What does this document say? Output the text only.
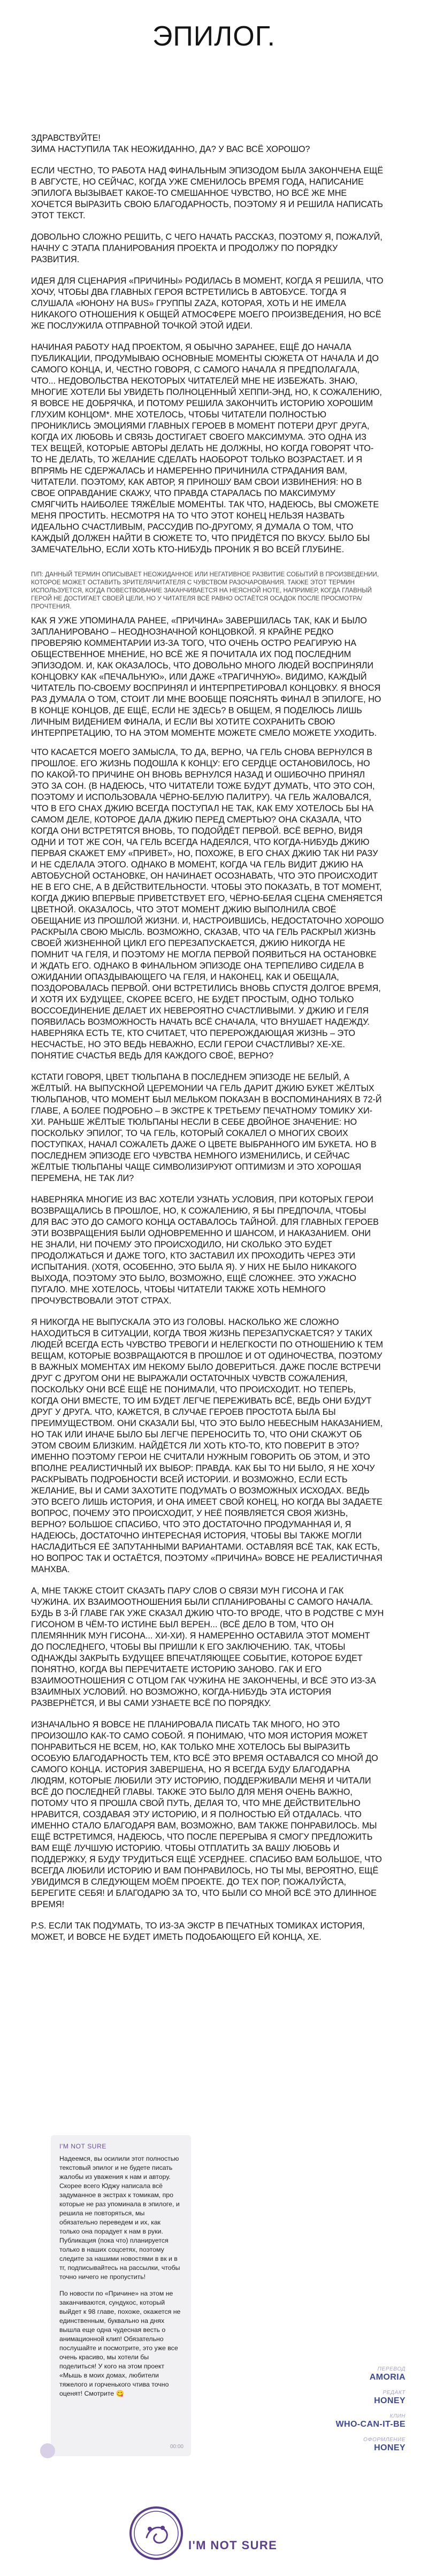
ЭПИЛОГ.

ЗДРАВСТВУЙТЕ!
ЗИМА НАСТУПИЛА ТАК НЕОЖИДАННО, ДА? У ВАС ВСЁ ХОРОШО?

ЕСЛИ ЧЕСТНО, ТО РАБОТА НАД ФИНАЛЬНЫМ ЭПИЗОДОМ БЫЛА ЗАКОНЧЕНА ЕЩЁ В АВГУСТЕ, НО СЕЙЧАС, КОГДА УЖЕ СМЕНИЛОСЬ ВРЕМЯ ГОДА, НАПИСАНИЕ ЭПИЛОГА ВЫЗЫВАЕТ КАКОЕ-ТО СМЕШАННОЕ ЧУВСТВО, НО ВСЁ ЖЕ МНЕ ХОЧЕТСЯ ВЫРАЗИТЬ СВОЮ БЛАГОДАРНОСТЬ, ПОЭТОМУ Я И РЕШИЛА НАПИСАТЬ ЭТОТ ТЕКСТ.

ДОВОЛЬНО СЛОЖНО РЕШИТЬ, С ЧЕГО НАЧАТЬ РАССКАЗ, ПОЭТОМУ Я, ПОЖАЛУЙ, НАЧНУ С ЭТАПА ПЛАНИРОВАНИЯ ПРОЕКТА И ПРОДОЛЖУ ПО ПОРЯДКУ РАЗВИТИЯ.

ИДЕЯ ДЛЯ СЦЕНАРИЯ «ПРИЧИНЫ» РОДИЛАСЬ В МОМЕНТ, КОГДА Я РЕШИЛА, ЧТО ХОЧУ, ЧТОБЫ ДВА ГЛАВНЫХ ГЕРОЯ ВСТРЕТИЛИСЬ В АВТОБУСЕ. ТОГДА Я СЛУШАЛА «ЮНОНУ НА BUS» ГРУППЫ ZAZA, КОТОРАЯ, ХОТЬ И НЕ ИМЕЛА НИКАКОГО ОТНОШЕНИЯ К ОБЩЕЙ АТМОСФЕРЕ МОЕГО ПРОИЗВЕДЕНИЯ, НО ВСЁ ЖЕ ПОСЛУЖИЛА ОТПРАВНОЙ ТОЧКОЙ ЭТОЙ ИДЕИ.

НАЧИНАЯ РАБОТУ НАД ПРОЕКТОМ, Я ОБЫЧНО ЗАРАНЕЕ, ЕЩЁ ДО НАЧАЛА ПУБЛИКАЦИИ, ПРОДУМЫВАЮ ОСНОВНЫЕ МОМЕНТЫ СЮЖЕТА ОТ НАЧАЛА И ДО САМОГО КОНЦА, И, ЧЕСТНО ГОВОРЯ, С САМОГО НАЧАЛА Я ПРЕДПОЛАГАЛА, ЧТО... НЕДОВОЛЬСТВА НЕКОТОРЫХ ЧИТАТЕЛЕЙ МНЕ НЕ ИЗБЕЖАТЬ. ЗНАЮ, МНОГИЕ ХОТЕЛИ БЫ УВИДЕТЬ ПОЛНОЦЕННЫЙ ХЕППИ-ЭНД, НО, К СОЖАЛЕНИЮ, Я ВОВСЕ НЕ ДОБРЯЧКА, И ПОТОМУ РЕШИЛА ЗАКОНЧИТЬ ИСТОРИЮ ХОРОШИМ ГЛУХИМ КОНЦОМ*. МНЕ ХОТЕЛОСЬ, ЧТОБЫ ЧИТАТЕЛИ ПОЛНОСТЬЮ ПРОНИКЛИСЬ ЭМОЦИЯМИ ГЛАВНЫХ ГЕРОЕВ В МОМЕНТ ПОТЕРИ ДРУГ ДРУГА, КОГДА ИХ ЛЮБОВЬ И СВЯЗЬ ДОСТИГАЕТ СВОЕГО МАКСИМУМА. ЭТО ОДНА ИЗ ТЕХ ВЕЩЕЙ, КОТОРЫЕ АВТОРЫ ДЕЛАТЬ НЕ ДОЛЖНЫ, НО КОГДА ГОВОРЯТ ЧТО-ТО НЕ ДЕЛАТЬ, ТО ЖЕЛАНИЕ СДЕЛАТЬ НАОБОРОТ ТОЛЬКО ВОЗРАСТАЕТ. И Я ВПРЯМЬ НЕ СДЕРЖАЛАСЬ И НАМЕРЕННО ПРИЧИНИЛА СТРАДАНИЯ ВАМ, ЧИТАТЕЛИ. ПОЭТОМУ, КАК АВТОР, Я ПРИНОШУ ВАМ СВОИ ИЗВИНЕНИЯ: НО В СВОЕ ОПРАВДАНИЕ СКАЖУ, ЧТО ПРАВДА СТАРАЛАСЬ ПО МАКСИМУМУ СМЯГЧИТЬ НАИБОЛЕЕ ТЯЖЁЛЫЕ МОМЕНТЫ. ТАК ЧТО, НАДЕЮСЬ, ВЫ СМОЖЕТЕ МЕНЯ ПРОСТИТЬ. НЕСМОТРЯ НА ТО ЧТО ЭТОТ КОНЕЦ НЕЛЬЗЯ НАЗВАТЬ ИДЕАЛЬНО СЧАСТЛИВЫМ, РАССУДИВ ПО-ДРУГОМУ, Я ДУМАЛА О ТОМ, ЧТО КАЖДЫЙ ДОЛЖЕН НАЙТИ В СЮЖЕТЕ ТО, ЧТО ПРИДЁТСЯ ПО ВКУСУ. БЫЛО БЫ ЗАМЕЧАТЕЛЬНО, ЕСЛИ ХОТЬ КТО-НИБУДЬ ПРОНИК Я ВО ВСЕЙ ГЛУБИНЕ.

П/П: ДАННЫЙ ТЕРМИН ОПИСЫВАЕТ НЕОЖИДАННОЕ ИЛИ НЕГАТИВНОЕ РАЗВИТИЕ СОБЫТИЙ В ПРОИЗВЕДЕНИИ, КОТОРОЕ МОЖЕТ ОСТАВИТЬ ЗРИТЕЛЯ/ЧИТАТЕЛЯ С ЧУВСТВОМ РАЗОЧАРОВАНИЯ. ТАКЖЕ ЭТОТ ТЕРМИН ИСПОЛЬЗУЕТСЯ, КОГДА ПОВЕСТВОВАНИЕ ЗАКАНЧИВАЕТСЯ НА НЕЯСНОЙ НОТЕ, НАПРИМЕР, КОГДА ГЛАВНЫЙ ГЕРОЙ НЕ ДОСТИГАЕТ СВОЕЙ ЦЕЛИ, НО У ЧИТАТЕЛЯ ВСЁ РАВНО ОСТАЁТСЯ ОСАДОК ПОСЛЕ ПРОСМОТРА/ПРОЧТЕНИЯ.

КАК Я УЖЕ УПОМИНАЛА РАНЕЕ, «ПРИЧИНА» ЗАВЕРШИЛАСЬ ТАК, КАК И БЫЛО ЗАПЛАНИРОВАНО – НЕОДНОЗНАЧНОЙ КОНЦОВКОЙ. Я КРАЙНЕ РЕДКО ПРОВЕРЯЮ КОММЕНТАРИИ ИЗ-ЗА ТОГО, ЧТО ОЧЕНЬ ОСТРО РЕАГИРУЮ НА ОБЩЕСТВЕННОЕ МНЕНИЕ, НО ВСЁ ЖЕ Я ПОЧИТАЛА ИХ ПОД ПОСЛЕДНИМ ЭПИЗОДОМ. И, КАК ОКАЗАЛОСЬ, ЧТО ДОВОЛЬНО МНОГО ЛЮДЕЙ ВОСПРИНЯЛИ КОНЦОВКУ КАК «ПЕЧАЛЬНУЮ», ИЛИ ДАЖЕ «ТРАГИЧНУЮ». ВИДИМО, КАЖДЫЙ ЧИТАТЕЛЬ ПО-СВОЕМУ ВОСПРИНЯЛ И ИНТЕРПРЕТИРОВАЛ КОНЦОВКУ. Я ВНОСЯ РАЗ ДУМАЛА О ТОМ, СТОИТ ЛИ МНЕ ВООБЩЕ ПОЯСНЯТЬ ФИНАЛ В ЭПИЛОГЕ, НО В КОНЦЕ КОНЦОВ, ДЕ ЕЩЁ, ЕСЛИ НЕ ЗДЕСЬ? В ОБЩЕМ, Я ПОДЕЛЮСЬ ЛИШЬ ЛИЧНЫМ ВИДЕНИЕМ ФИНАЛА, И ЕСЛИ ВЫ ХОТИТЕ СОХРАНИТЬ СВОЮ ИНТЕРПРЕТАЦИЮ, ТО НА ЭТОМ МОМЕНТЕ МОЖЕТЕ СМЕЛО МОЖЕТЕ УХОДИТЬ.

ЧТО КАСАЕТСЯ МОЕГО ЗАМЫСЛА, ТО ДА, ВЕРНО, ЧА ГЕЛЬ СНОВА ВЕРНУЛСЯ В ПРОШЛОЕ. ЕГО ЖИЗНЬ ПОДОШЛА К КОНЦУ: ЕГО СЕРДЦЕ ОСТАНОВИЛОСЬ, НО ПО КАКОЙ-ТО ПРИЧИНЕ ОН ВНОВЬ ВЕРНУЛСЯ НАЗАД И ОШИБОЧНО ПРИНЯЛ ЭТО ЗА СОН. (В НАДЕЮСЬ, ЧТО ЧИТАТЕЛИ ТОЖЕ БУДУТ ДУМАТЬ, ЧТО ЭТО СОН, ПОЭТОМУ И ИСПОЛЬЗОВАЛА ЧЁРНО-БЕЛУЮ ПАЛИТРУ). ЧА ГЕЛЬ ЖАЛОВАЛСЯ, ЧТО В ЕГО СНАХ ДЖИЮ ВСЕГДА ПОСТУПАЛ НЕ ТАК, КАК ЕМУ ХОТЕЛОСЬ БЫ НА САМОМ ДЕЛЕ, КОТОРОЕ ДАЛА ДЖИЮ ПЕРЕД СМЕРТЬЮ? ОНА СКАЗАЛА, ЧТО КОГДА ОНИ ВСТРЕТЯТСЯ ВНОВЬ, ТО ПОДОЙДЁТ ПЕРВОЙ. ВСЁ ВЕРНО, ВИДЯ ОДНИ И ТОТ ЖЕ СОН, ЧА ГЕЛЬ ВСЕГДА НАДЕЯЛСЯ, ЧТО КОГДА-НИБУДЬ ДЖИЮ ПЕРВАЯ СКАЖЕТ ЕМУ «ПРИВЕТ», НО, ПОХОЖЕ, В ЕГО СНАХ ДЖИЮ ТАК НИ РАЗУ И НЕ СДЕЛАЛА ЭТОГО. ОДНАКО В МОМЕНТ, КОГДА ЧА ГЕЛЬ ВИДИТ ДЖИЮ НА АВТОБУСНОЙ ОСТАНОВКЕ, ОН НАЧИНАЕТ ОСОЗНАВАТЬ, ЧТО ЭТО ПРОИСХОДИТ НЕ В ЕГО СНЕ, А В ДЕЙСТВИТЕЛЬНОСТИ. ЧТОБЫ ЭТО ПОКАЗАТЬ, В ТОТ МОМЕНТ, КОГДА ДЖИЮ ВПЕРВЫЕ ПРИВЕТСТВУЕТ ЕГО, ЧЁРНО-БЕЛАЯ СЦЕНА СМЕНЯЕТСЯ ЦВЕТНОЙ. ОКАЗАЛОСЬ, ЧТО ЭТОТ МОМЕНТ ДЖИЮ ВЫПОЛНИЛА СВОЁ ОБЕЩАНИЕ ИЗ ПРОШЛОЙ ЖИЗНИ. И, НАСТРОИВШИСЬ, НЕДОСТАТОЧНО ХОРОШО РАСКРЫЛА СВОЮ МЫСЛЬ. ВОЗМОЖНО, СКАЗАВ, ЧТО ЧА ГЕЛЬ РАСКРЫЛ ЖИЗНЬ СВОЕЙ ЖИЗНЕННОЙ ЦИКЛ ЕГО ПЕРЕЗАПУСКАЕТСЯ, ДЖИЮ НИКОГДА НЕ ПОМНИТ ЧА ГЕЛЯ, И ПОЭТОМУ НЕ МОГЛА ПЕРВОЙ ПОЯВИТЬСЯ НА ОСТАНОВКЕ И ЖДАТЬ ЕГО. ОДНАКО В ФИНАЛЬНОМ ЭПИЗОДЕ ОНА ТЕРПЕЛИВО СИДЕЛА В ОЖИДАНИИ ОПАЗДЫВАЮЩЕГО ЧА ГЕЛЯ, И НАКОНЕЦ, КАК И ОБЕЩАЛА, ПОЗДОРОВАЛАСЬ ПЕРВОЙ. ОНИ ВСТРЕТИЛИСЬ ВНОВЬ СПУСТЯ ДОЛГОЕ ВРЕМЯ, И ХОТЯ ИХ БУДУЩЕЕ, СКОРЕЕ ВСЕГО, НЕ БУДЕТ ПРОСТЫМ, ОДНО ТОЛЬКО ВОССОЕДИНЕНИЕ ДЕЛАЕТ ИХ НЕВЕРОЯТНО СЧАСТЛИВЫМИ. У ДЖИЮ И ГЕЛЯ ПОЯВИЛАСЬ ВОЗМОЖНОСТЬ НАЧАТЬ ВСЁ СНАЧАЛА, ЧТО ВНУШАЕТ НАДЕЖДУ. НАВЕРНЯКА ЕСТЬ ТЕ, КТО СЧИТАЕТ, ЧТО ПЕРЕРОЖДАЮЩАЯ ЖИЗНЬ – ЭТО НЕСЧАСТЬЕ, НО ЭТО ВЕДЬ НЕВАЖНО, ЕСЛИ ГЕРОИ СЧАСТЛИВЫ? ХЕ-ХЕ. ПОНЯТИЕ СЧАСТЬЯ ВЕДЬ ДЛЯ КАЖДОГО СВОЁ, ВЕРНО?

КСТАТИ ГОВОРЯ, ЦВЕТ ТЮЛЬПАНА В ПОСЛЕДНЕМ ЭПИЗОДЕ НЕ БЕЛЫЙ, А ЖЁЛТЫЙ. НА ВЫПУСКНОЙ ЦЕРЕМОНИИ ЧА ГЕЛЬ ДАРИТ ДЖИЮ БУКЕТ ЖЁЛТЫХ ТЮЛЬПАНОВ, ЧТО МОМЕНТ БЫЛ МЕЛЬКОМ ПОКАЗАН В ВОСПОМИНАНИЯХ В 72-Й ГЛАВЕ, А БОЛЕЕ ПОДРОБНО – В ЭКСТРЕ К ТРЕТЬЕМУ ПЕЧАТНОМУ ТОМИКУ ХИ-ХИ. РАНЬШЕ ЖЁЛТЫЕ ТЮЛЬПАНЫ НЕСЛИ В СЕБЕ ДВОЙНОЕ ЗНАЧЕНИЕ: НО ПОСКОЛЬКУ ЭПИЛОГ, ТО ЧА ГЕЛЬ, КОТОРЫЙ СОКАЛЕЛ О МНОГИХ СВОИХ ПОСТУПКАХ, НАЧАЛ СОЖАЛЕТЬ ДАЖЕ О ЦВЕТЕ ВЫБРАННОГО ИМ БУКЕТА. НО В ПОСЛЕДНЕМ ЭПИЗОДЕ ЕГО ЧУВСТВА НЕМНОГО ИЗМЕНИЛИСЬ, И СЕЙЧАС ЖЁЛТЫЕ ТЮЛЬПАНЫ ЧАЩЕ СИМВОЛИЗИРУЮТ ОПТИМИЗМ И ЭТО ХОРОШАЯ ПЕРЕМЕНА, НЕ ТАК ЛИ?

НАВЕРНЯКА МНОГИЕ ИЗ ВАС ХОТЕЛИ УЗНАТЬ УСЛОВИЯ, ПРИ КОТОРЫХ ГЕРОИ ВОЗВРАЩАЛИСЬ В ПРОШЛОЕ, НО, К СОЖАЛЕНИЮ, Я БЫ ПРЕДПОЧЛА, ЧТОБЫ ДЛЯ ВАС ЭТО ДО САМОГО КОНЦА ОСТАВАЛОСЬ ТАЙНОЙ. ДЛЯ ГЛАВНЫХ ГЕРОЕВ ЭТИ ВОЗВРАЩЕНИЯ БЫЛИ ОДНОВРЕМЕННО И ШАНСОМ, И НАКАЗАНИЕМ. ОНИ НЕ ЗНАЛИ, НИ ПОЧЕМУ ЭТО ПРОИСХОДИЛО, НИ СКОЛЬКО ЭТО БУДЕТ ПРОДОЛЖАТЬСЯ И ДАЖЕ ТОГО, КТО ЗАСТАВИЛ ИХ ПРОХОДИТЬ ЧЕРЕЗ ЭТИ ИСПЫТАНИЯ. (ХОТЯ, ОСОБЕННО, ЭТО БЫЛА Я). У НИХ НЕ БЫЛО НИКАКОГО ВЫХОДА, ПОЭТОМУ ЭТО БЫЛО, ВОЗМОЖНО, ЕЩЁ СЛОЖНЕЕ. ЭТО УЖАСНО ПУГАЛО. МНЕ ХОТЕЛОСЬ, ЧТОБЫ ЧИТАТЕЛИ ТАКЖЕ ХОТЬ НЕМНОГО ПРОЧУВСТВОВАЛИ ЭТОТ СТРАХ.

Я НИКОГДА НЕ ВЫПУСКАЛА ЭТО ИЗ ГОЛОВЫ. НАСКОЛЬКО ЖЕ СЛОЖНО НАХОДИТЬСЯ В СИТУАЦИИ, КОГДА ТВОЯ ЖИЗНЬ ПЕРЕЗАПУСКАЕТСЯ? У ТАКИХ ЛЮДЕЙ ВСЕГДА ЕСТЬ ЧУВСТВО ТРЕВОГИ И НЕЛЕГКОСТИ ПО ОТНОШЕНИЮ К ТЕМ ВЕЩАМ, КОТОРЫЕ ВОЗВРАЩАЮТСЯ В ПРОШЛОЕ И ОТ ОДИНОЧЕСТВА, ПОЭТОМУ В ВАЖНЫХ МОМЕНТАХ ИМ НЕКОМУ БЫЛО ДОВЕРИТЬСЯ. ДАЖЕ ПОСЛЕ ВСТРЕЧИ ДРУГ С ДРУГОМ ОНИ НЕ ВЫРАЖАЛИ ОСТАТОЧНЫХ ЧУВСТВ СОЖАЛЕНИЯ, ПОСКОЛЬКУ ОНИ ВСЁ ЕЩЁ НЕ ПОНИМАЛИ, ЧТО ПРОИСХОДИТ. НО ТЕПЕРЬ, КОГДА ОНИ ВМЕСТЕ, ТО ИМ БУДЕТ ЛЕГЧЕ ПЕРЕЖИВАТЬ ВСЁ, ВЕДЬ ОНИ БУДУТ ДРУГ У ДРУГА. ЧТО, КАЖЕТСЯ, В СЛУЧАЕ ГЕРОЕВ ПРОСТОТА БЫЛА БЫ ПРЕИМУЩЕСТВОМ. ОНИ СКАЗАЛИ БЫ, ЧТО ЭТО БЫЛО НЕБЕСНЫМ НАКАЗАНИЕМ, НО ТАК ИЛИ ИНАЧЕ БЫЛО БЫ ЛЕГЧЕ ПЕРЕНОСИТЬ ТО, ЧТО ОНИ СКАЖУТ ОБ ЭТОМ СВОИМ БЛИЗКИМ. НАЙДЁТСЯ ЛИ ХОТЬ КТО-ТО, КТО ПОВЕРИТ В ЭТО? ИМЕННО ПОЭТОМУ ГЕРОИ НЕ СЧИТАЛИ НУЖНЫМ ГОВОРИТЬ ОБ ЭТОМ, И ЭТО ВПОЛНЕ РЕАЛИСТИЧНЫЙ ИХ ВЫБОР: ПРАВДА. КАК БЫ ТО НИ БЫЛО, Я НЕ ХОЧУ РАСКРЫВАТЬ ПОДРОБНОСТИ ВСЕЙ ИСТОРИИ. И ВОЗМОЖНО, ЕСЛИ ЕСТЬ ЖЕЛАНИЕ, ВЫ И САМИ ЗАХОТИТЕ ПОДУМАТЬ О ВОЗМОЖНЫХ ИСХОДАХ. ВЕДЬ ЭТО ВСЕГО ЛИШЬ ИСТОРИЯ, И ОНА ИМЕЕТ СВОЙ КОНЕЦ, НО КОГДА ВЫ ЗАДАЕТЕ ВОПРОС, ПОЧЕМУ ЭТО ПРОИСХОДИТ, У НЕЁ ПОЯВЛЯЕТСЯ СВОЯ ЖИЗНЬ, ВЕРНО? БОЛЬШОЕ СПАСИБО, ЧТО ЭТО ДОСТАТОЧНО ПРОДУМАННАЯ И, Я НАДЕЮСЬ, ДОСТАТОЧНО ИНТЕРЕСНАЯ ИСТОРИЯ, ЧТОБЫ ВЫ ТАКЖЕ МОГЛИ НАСЛАДИТЬСЯ ЕЁ ЗАПУТАННЫМИ ВАРИАНТАМИ. ОСТАВЛЯЯ ВСЁ ТАК, КАК ЕСТЬ, НО ВОПРОС ТАК И ОСТАЁТСЯ, ПОЭТОМУ «ПРИЧИНА» ВОВСЕ НЕ РЕАЛИСТИЧНАЯ МАНХВА.

А, МНЕ ТАКЖЕ СТОИТ СКАЗАТЬ ПАРУ СЛОВ О СВЯЗИ МУН ГИСОНА И ГАК ЧУЖИНА. ИХ ВЗАИМООТНОШЕНИЯ БЫЛИ СПЛАНИРОВАНЫ С САМОГО НАЧАЛА. БУДЬ В 3-Й ГЛАВЕ ГАК УЖЕ СКАЗАЛ ДЖИЮ ЧТО-ТО ВРОДЕ, ЧТО В РОДСТВЕ С МУН ГИСОНОМ В ЧЁМ-ТО ИСТИНЕ БЫЛ ВЕРЕН... (ВСЁ ДЕЛО В ТОМ, ЧТО ОН ПЛЕМЯННИК МУН ГИСОНА... ХИ-ХИ). Я НАМЕРЕННО ОСТАВИЛА ЭТОТ МОМЕНТ ДО ПОСЛЕДНЕГО, ЧТОБЫ ВЫ ПРИШЛИ К ЕГО ЗАКЛЮЧЕНИЮ. ТАК, ЧТОБЫ ОДНАЖДЫ ЗАКРЫТЬ БУДУЩЕЕ ВПЕЧАТЛЯЮЩЕЕ СОБЫТИЕ, КОТОРОЕ БУДЕТ ПОНЯТНО, КОГДА ВЫ ПЕРЕЧИТАЕТЕ ИСТОРИЮ ЗАНОВО. ГАК И ЕГО ВЗАИМООТНОШЕНИЯ С ОТЦОМ ГАК ЧУЖИНА НЕ ЗАКОНЧЕНЫ, И ВСЁ ЭТО ИЗ-ЗА ВЗАИМНЫХ УСЛОВИЙ. НО ВОЗМОЖНО, КОГДА-НИБУДЬ ЭТА ИСТОРИЯ РАЗВЕРНЁТСЯ, И ВЫ САМИ УЗНАЕТЕ ВСЁ ПО ПОРЯДКУ.

ИЗНАЧАЛЬНО Я ВОВСЕ НЕ ПЛАНИРОВАЛА ПИСАТЬ ТАК МНОГО, НО ЭТО ПРОИЗОШЛО КАК-ТО САМО СОБОЙ. Я ПОНИМАЮ, ЧТО МОЯ ИСТОРИЯ МОЖЕТ ПОНРАВИТЬСЯ НЕ ВСЕМ, НО, КАК ТОЛЬКО МНЕ ХОТЕЛОСЬ БЫ ВЫРАЗИТЬ ОСОБУЮ БЛАГОДАРНОСТЬ ТЕМ, КТО ВСЁ ЭТО ВРЕМЯ ОСТАВАЛСЯ СО МНОЙ ДО САМОГО КОНЦА. ИСТОРИЯ ЗАВЕРШЕНА, НО Я ВСЕГДА БУДУ БЛАГОДАРНА ЛЮДЯМ, КОТОРЫЕ ЛЮБИЛИ ЭТУ ИСТОРИЮ, ПОДДЕРЖИВАЛИ МЕНЯ И ЧИТАЛИ ВСЁ ДО ПОСЛЕДНЕЙ ГЛАВЫ. ТАКЖЕ ЭТО БЫЛО ДЛЯ МЕНЯ ОЧЕНЬ ВАЖНО, ПОТОМУ ЧТО Я ПРОШЛА СВОЙ ПУТЬ, ДЕЛАЯ ТО, ЧТО МНЕ ДЕЙСТВИТЕЛЬНО НРАВИТСЯ, СОЗДАВАЯ ЭТУ ИСТОРИЮ, И Я ПОЛНОСТЬЮ ЕЙ ОТДАЛАСЬ. ЧТО ИМЕННО СТАЛО БЛАГОДАРЯ ВАМ, ВОЗМОЖНО, ВАМ ТАКЖЕ ПОНРАВИЛОСЬ. МЫ ЕЩЁ ВСТРЕТИМСЯ, НАДЕЮСЬ, ЧТО ПОСЛЕ ПЕРЕРЫВА Я СМОГУ ПРЕДЛОЖИТЬ ВАМ ЕЩЁ ЛУЧШУЮ ИСТОРИЮ. ЧТОБЫ ОТПЛАТИТЬ ЗА ВАШУ ЛЮБОВЬ И ПОДДЕРЖКУ, Я БУДУ ТРУДИТЬСЯ ЕЩЁ УСЕРДНЕЕ. СПАСИБО ВАМ БОЛЬШОЕ, ЧТО ВСЕГДА ЛЮБИЛИ ИСТОРИЮ И ВАМ ПОНРАВИЛОСЬ, НО ТЫ МЫ, ВЕРОЯТНО, ЕЩЁ УВИДИМСЯ В СЛЕДУЮЩЕМ МОЁМ ПРОЕКТЕ. ДО ТЕХ ПОР, ПОЖАЛУЙСТА, БЕРЕГИТЕ СЕБЯ! И БЛАГОДАРЮ ЗА ТО, ЧТО БЫЛИ СО МНОЙ ВСЁ ЭТО ДЛИННОЕ ВРЕМЯ!

P.S. ЕСЛИ ТАК ПОДУМАТЬ, ТО ИЗ-ЗА ЭКСТР В ПЕЧАТНЫХ ТОМИКАХ ИСТОРИЯ, МОЖЕТ, И ВОВСЕ НЕ БУДЕТ ИМЕТЬ ПОДОБАЮЩЕГО ЕЙ КОНЦА, ХЕ.

I'M NOT SURE

Надеемся, вы осилили этот полностью текстовый эпилог и не будете писать жалобы из уважения к нам и автору. Скорее всего Юджу написала всё задуманное в экстрах к томикам, про которые не раз упоминала в эпилоге, и решила не повторяться, мы обязательно переведем и их, как только она порадует к нам в руки. Публикация (пока что) планируется только в наших соцсетях, поэтому следите за нашими новостями в вк и в тг, подписывайтесь на рассылки, чтобы точно ничего не пропустить!

По новости по «Причине» на этом не заканчиваются, сундукос, который выйдет к 98 главе, похоже, окажется не единственным, буквально на днях вышла еще одна чудесная весть о анимационной клип! Обязательно послушайте и посмотрите, это уже все очень красиво, мы хотели бы поделиться! У кого на этом проект «Мышь в моих домах, любители тяжелого и горченького чтива точно оценят! Смотрите 😋

00:00
ПЕРЕВОД
AMORIA
РЕДАКТ
HONEY
КЛИН
WHO-CAN-IT-BE
ОФОРМЛЕНИЕ
HONEY
I'M NOT SURE
